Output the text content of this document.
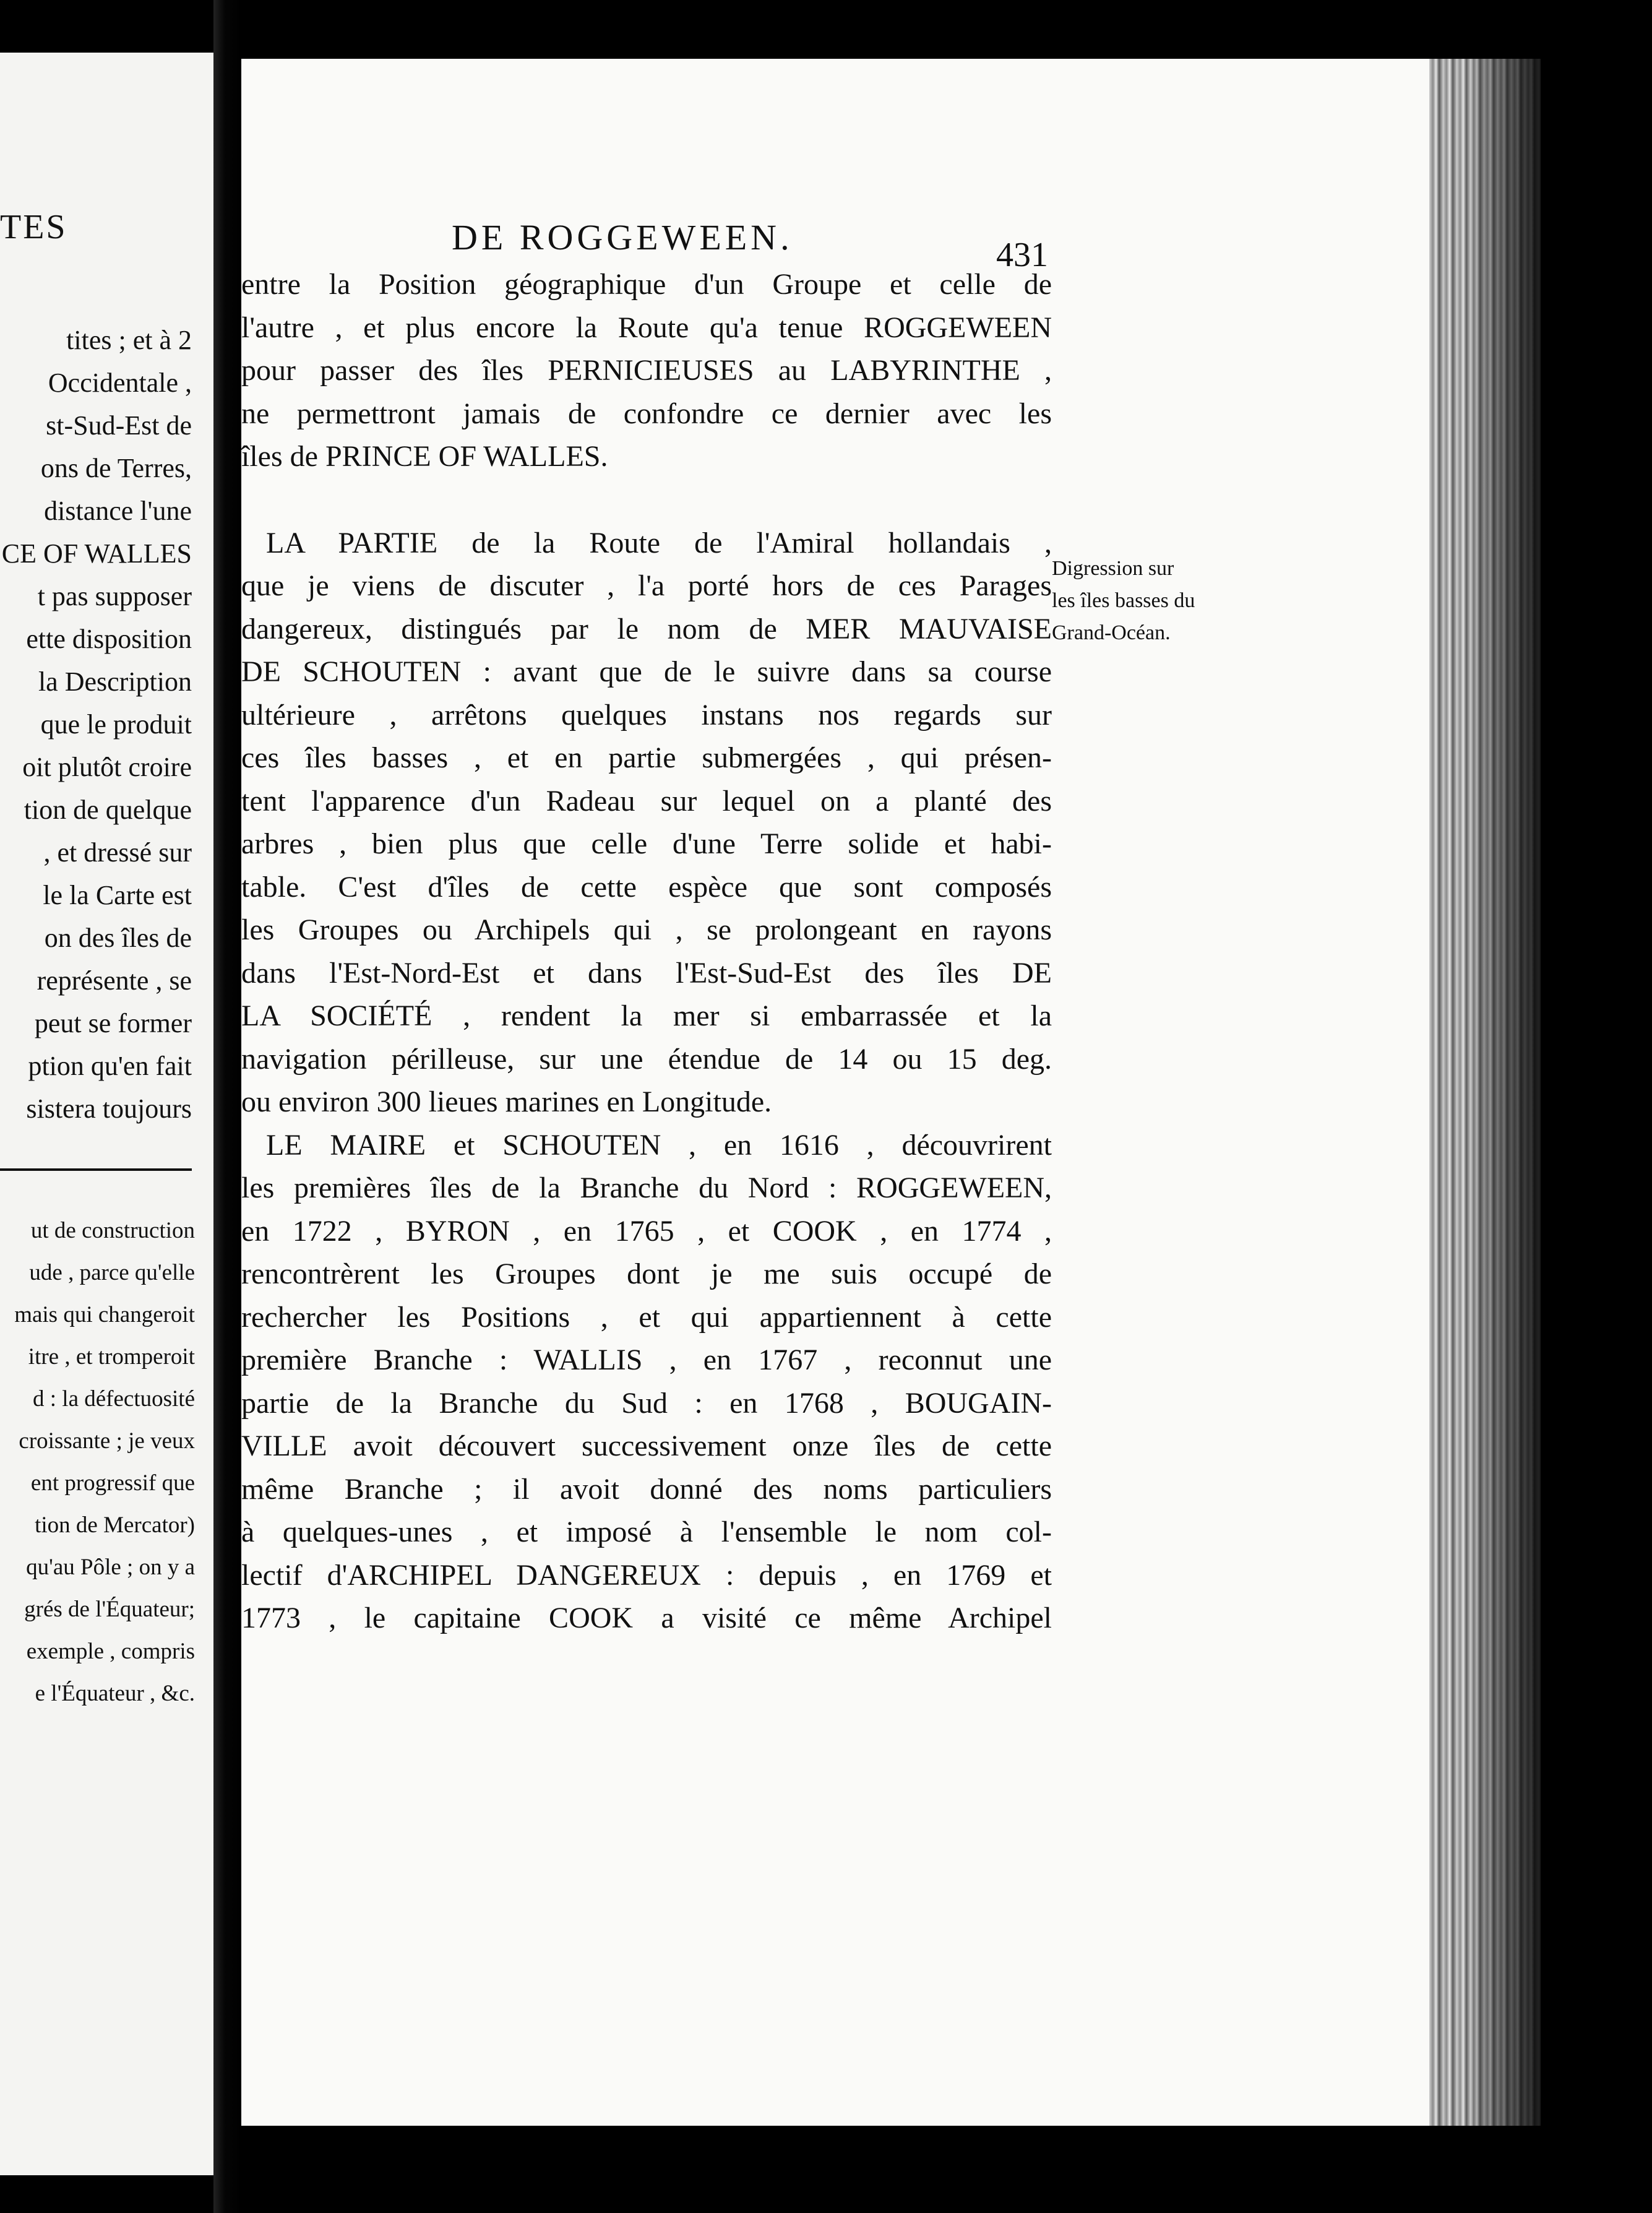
TES
tites ; et à 2
Occidentale ,
st-Sud-Est de
ons de Terres,
distance l'une
CE OF WALLES
t pas supposer
ette disposition
la Description
que le produit
oit plutôt croire
tion de quelque
, et dressé sur
le la Carte est
on des îles de
représente , se
peut se former
ption qu'en fait
sistera toujours
ut de construction
ude , parce qu'elle
mais qui changeroit
itre , et tromperoit
d : la défectuosité
croissante ; je veux
ent progressif que
tion de Mercator)
qu'au Pôle ; on y a
grés de l'Équateur;
exemple , compris
e l'Équateur , &c.
DE ROGGEWEEN.	431
entre la Position géographique d'un Groupe et celle de
l'autre , et plus encore la Route qu'a tenue ROGGEWEEN
pour passer des îles PERNICIEUSES au LABYRINTHE ,
ne permettront jamais de confondre ce dernier avec les
îles de PRINCE OF WALLES.
LA PARTIE de la Route de l'Amiral hollandais ,
que je viens de discuter , l'a porté hors de ces Parages
dangereux, distingués par le nom de MER MAUVAISE
DE SCHOUTEN : avant que de le suivre dans sa course
ultérieure , arrêtons quelques instans nos regards sur
ces îles basses , et en partie submergées , qui présen-
tent l'apparence d'un Radeau sur lequel on a planté des
arbres , bien plus que celle d'une Terre solide et habi-
table. C'est d'îles de cette espèce que sont composés
les Groupes ou Archipels qui , se prolongeant en rayons
dans l'Est-Nord-Est et dans l'Est-Sud-Est des îles DE
LA SOCIÉTÉ , rendent la mer si embarrassée et la
navigation périlleuse, sur une étendue de 14 ou 15 deg.
ou environ 300 lieues marines en Longitude.
LE MAIRE et SCHOUTEN , en 1616 , découvrirent
les premières îles de la Branche du Nord : ROGGEWEEN,
en 1722 , BYRON , en 1765 , et COOK , en 1774 ,
rencontrèrent les Groupes dont je me suis occupé de
rechercher les Positions , et qui appartiennent à cette
première Branche : WALLIS , en 1767 , reconnut une
partie de la Branche du Sud : en 1768 , BOUGAIN-
VILLE avoit découvert successivement onze îles de cette
même Branche ; il avoit donné des noms particuliers
à quelques-unes , et imposé à l'ensemble le nom col-
lectif d'ARCHIPEL DANGEREUX : depuis , en 1769 et
1773 , le capitaine COOK a visité ce même Archipel
Digression sur
les îles basses du
Grand-Océan.
